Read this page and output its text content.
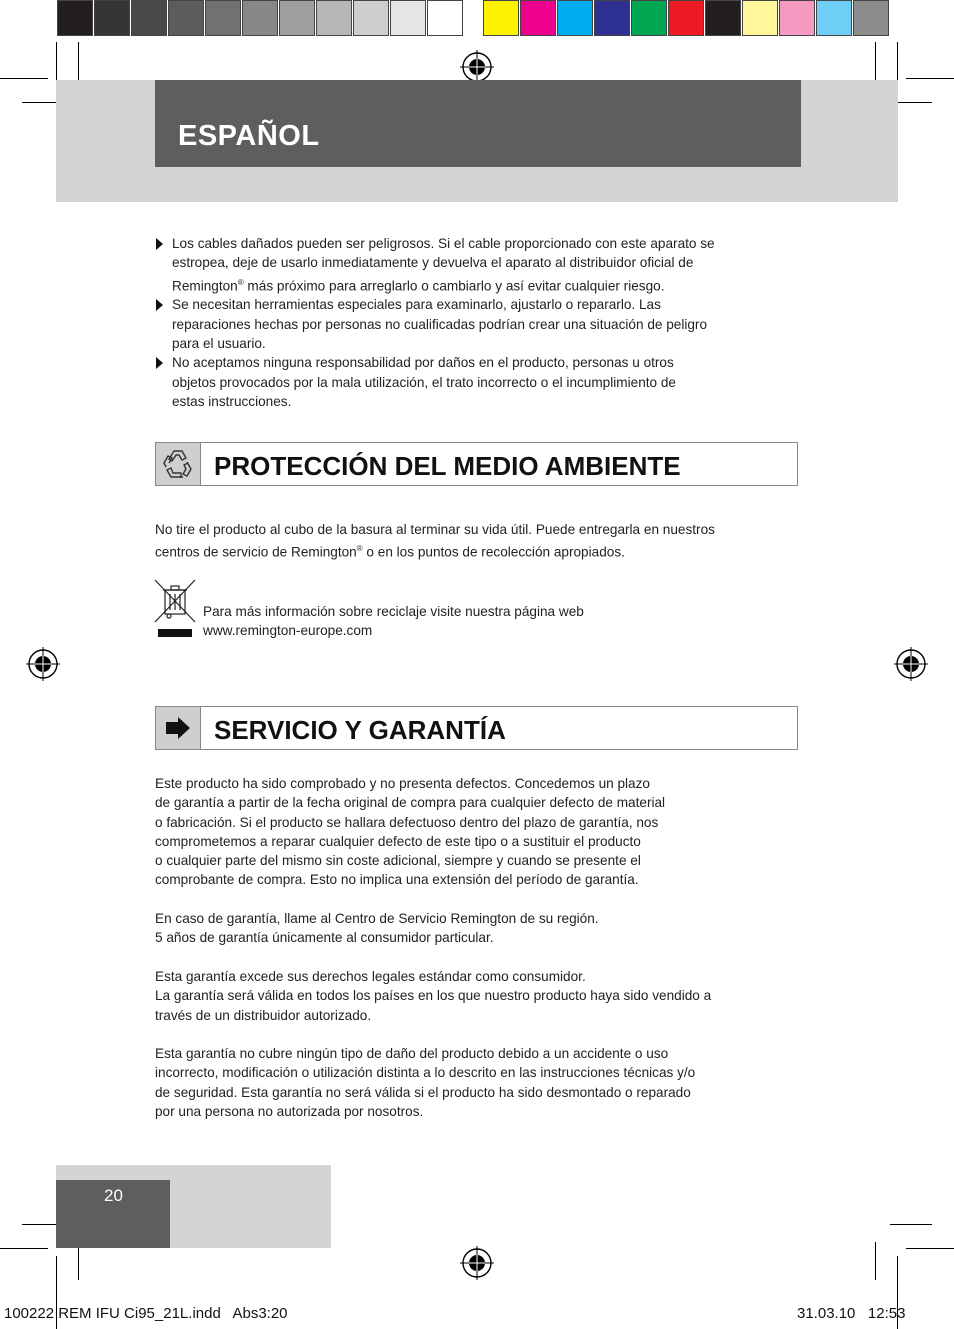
ESPAÑOL
Los cables dañados pueden ser peligrosos. Si el cable proporcionado con este aparato se
estropea, deje de usarlo inmediatamente y devuelva el aparato al distribuidor oficial de
Remington® más próximo para arreglarlo o cambiarlo y así evitar cualquier riesgo.
Se necesitan herramientas especiales para examinarlo, ajustarlo o repararlo. Las
reparaciones hechas por personas no cualificadas podrían crear una situación de peligro
para el usuario.
No aceptamos ninguna responsabilidad por daños en el producto, personas u otros
objetos provocados por la mala utilización, el trato incorrecto o el incumplimiento de
estas instrucciones.
PROTECCIÓN DEL MEDIO AMBIENTE

No tire el producto al cubo de la basura al terminar su vida útil. Puede entregarla en nuestros
centros de servicio de Remington® o en los puntos de recolección apropiados.

Para más información sobre reciclaje visite nuestra página web
www.remington-europe.com
SERVICIO Y GARANTÍA

Este producto ha sido comprobado y no presenta defectos. Concedemos un plazo
de garantía a partir de la fecha original de compra para cualquier defecto de material
o fabricación. Si el producto se hallara defectuoso dentro del plazo de garantía, nos
comprometemos a reparar cualquier defecto de este tipo o a sustituir el producto
o cualquier parte del mismo sin coste adicional, siempre y cuando se presente el
comprobante de compra. Esto no implica una extensión del período de garantía.

En caso de garantía, llame al Centro de Servicio Remington de su región.
5 años de garantía únicamente al consumidor particular.

Esta garantía excede sus derechos legales estándar como consumidor.
La garantía será válida en todos los países en los que nuestro producto haya sido vendido a
través de un distribuidor autorizado.

Esta garantía no cubre ningún tipo de daño del producto debido a un accidente o uso
incorrecto, modificación o utilización distinta a lo descrito en las instrucciones técnicas y/o
de seguridad. Esta garantía no será válida si el producto ha sido desmontado o reparado
por una persona no autorizada por nosotros.

20
100222 REM IFU Ci95_21L.indd   Abs3:20	31.03.10   12:53
